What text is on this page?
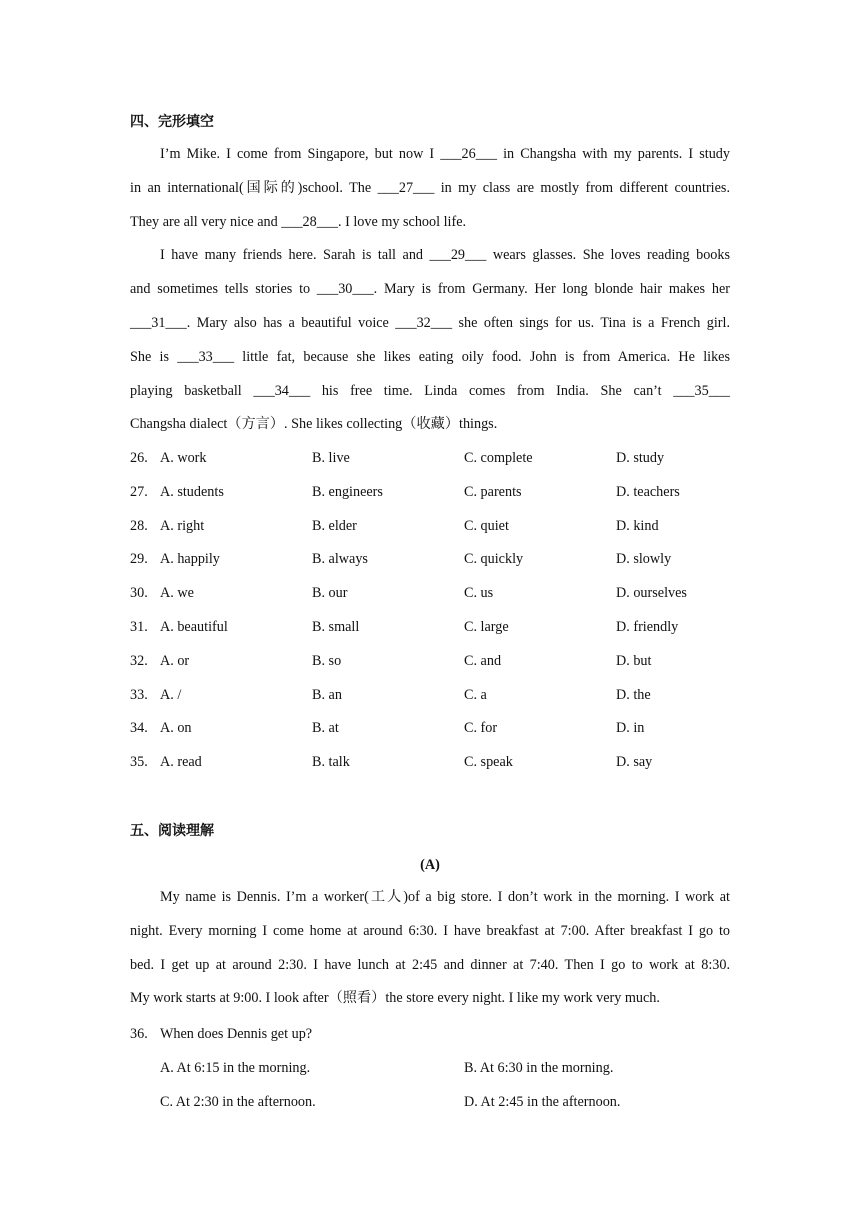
四、完形填空
I’m Mike. I come from Singapore, but now I ___26___ in Changsha with my parents. I study
in an international(国际的)school. The ___27___ in my class are mostly from different countries.
They are all very nice and ___28___. I love my school life.
I have many friends here. Sarah is tall and ___29___ wears glasses. She loves reading books
and sometimes tells stories to ___30___. Mary is from Germany. Her long blonde hair makes her
___31___. Mary also has a beautiful voice ___32___ she often sings for us. Tina is a French girl.
She is ___33___ little fat, because she likes eating oily food. John is from America. He likes
playing basketball ___34___ his free time. Linda comes from India. She can’t ___35___
Changsha dialect（方言）. She likes collecting（收藏）things.
26. A. work	B. live	C. complete	D. study
27. A. students	B. engineers	C. parents	D. teachers
28. A. right	B. elder	C. quiet	D. kind
29. A. happily	B. always	C. quickly	D. slowly
30. A. we	B. our	C. us	D. ourselves
31. A. beautiful	B. small	C. large	D. friendly
32. A. or	B. so	C. and	D. but
33. A. /	B. an	C. a	D. the
34. A. on	B. at	C. for	D. in
35. A. read	B. talk	C. speak	D. say
五、阅读理解
(A)
My name is Dennis. I’m a worker(工人)of a big store. I don’t work in the morning. I work at
night. Every morning I come home at around 6:30. I have breakfast at 7:00. After breakfast I go to
bed. I get up at around 2:30. I have lunch at 2:45 and dinner at 7:40. Then I go to work at 8:30.
My work starts at 9:00. I look after（照看）the store every night. I like my work very much.
36. When does Dennis get up?
A. At 6:15 in the morning.	B. At 6:30 in the morning.
C. At 2:30 in the afternoon.	D. At 2:45 in the afternoon.
